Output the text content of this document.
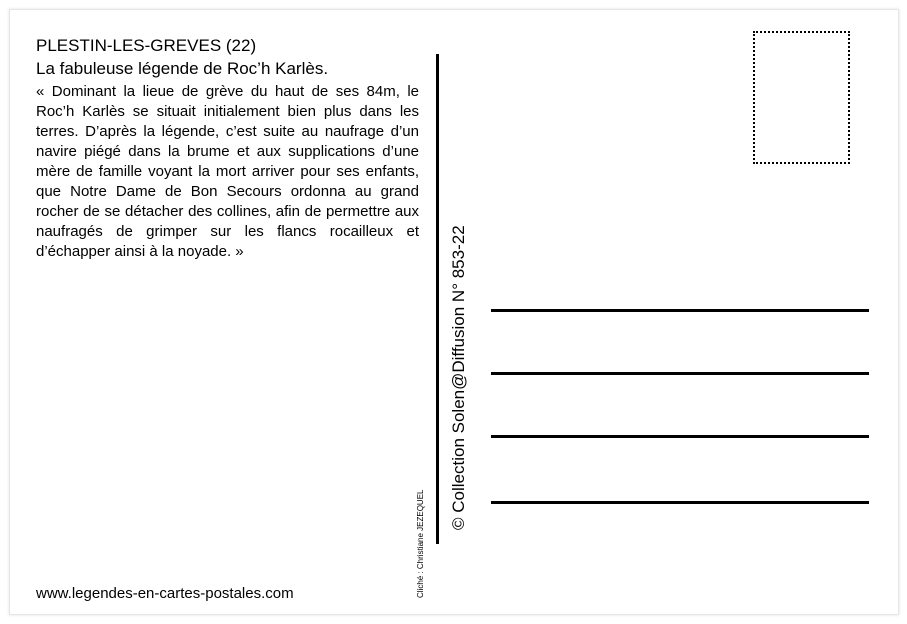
PLESTIN-LES-GREVES (22)
La fabuleuse légende de Roc’h Karlès.
« Dominant la lieue de grève du haut de ses 84m, le Roc’h Karlès se situait initialement bien plus dans les terres. D’après la légende, c’est suite au naufrage d’un navire piégé dans la brume et aux supplications d’une mère de famille voyant la mort arriver pour ses enfants, que Notre Dame de Bon Secours ordonna au grand rocher de se détacher des collines, afin de permettre aux naufragés de grimper sur les flancs rocailleux et d’échapper ainsi à la noyade. »
www.legendes-en-cartes-postales.com	Cliché : Christiane JEZEQUEL
© Collection Solen@Diffusion N° 853-22
